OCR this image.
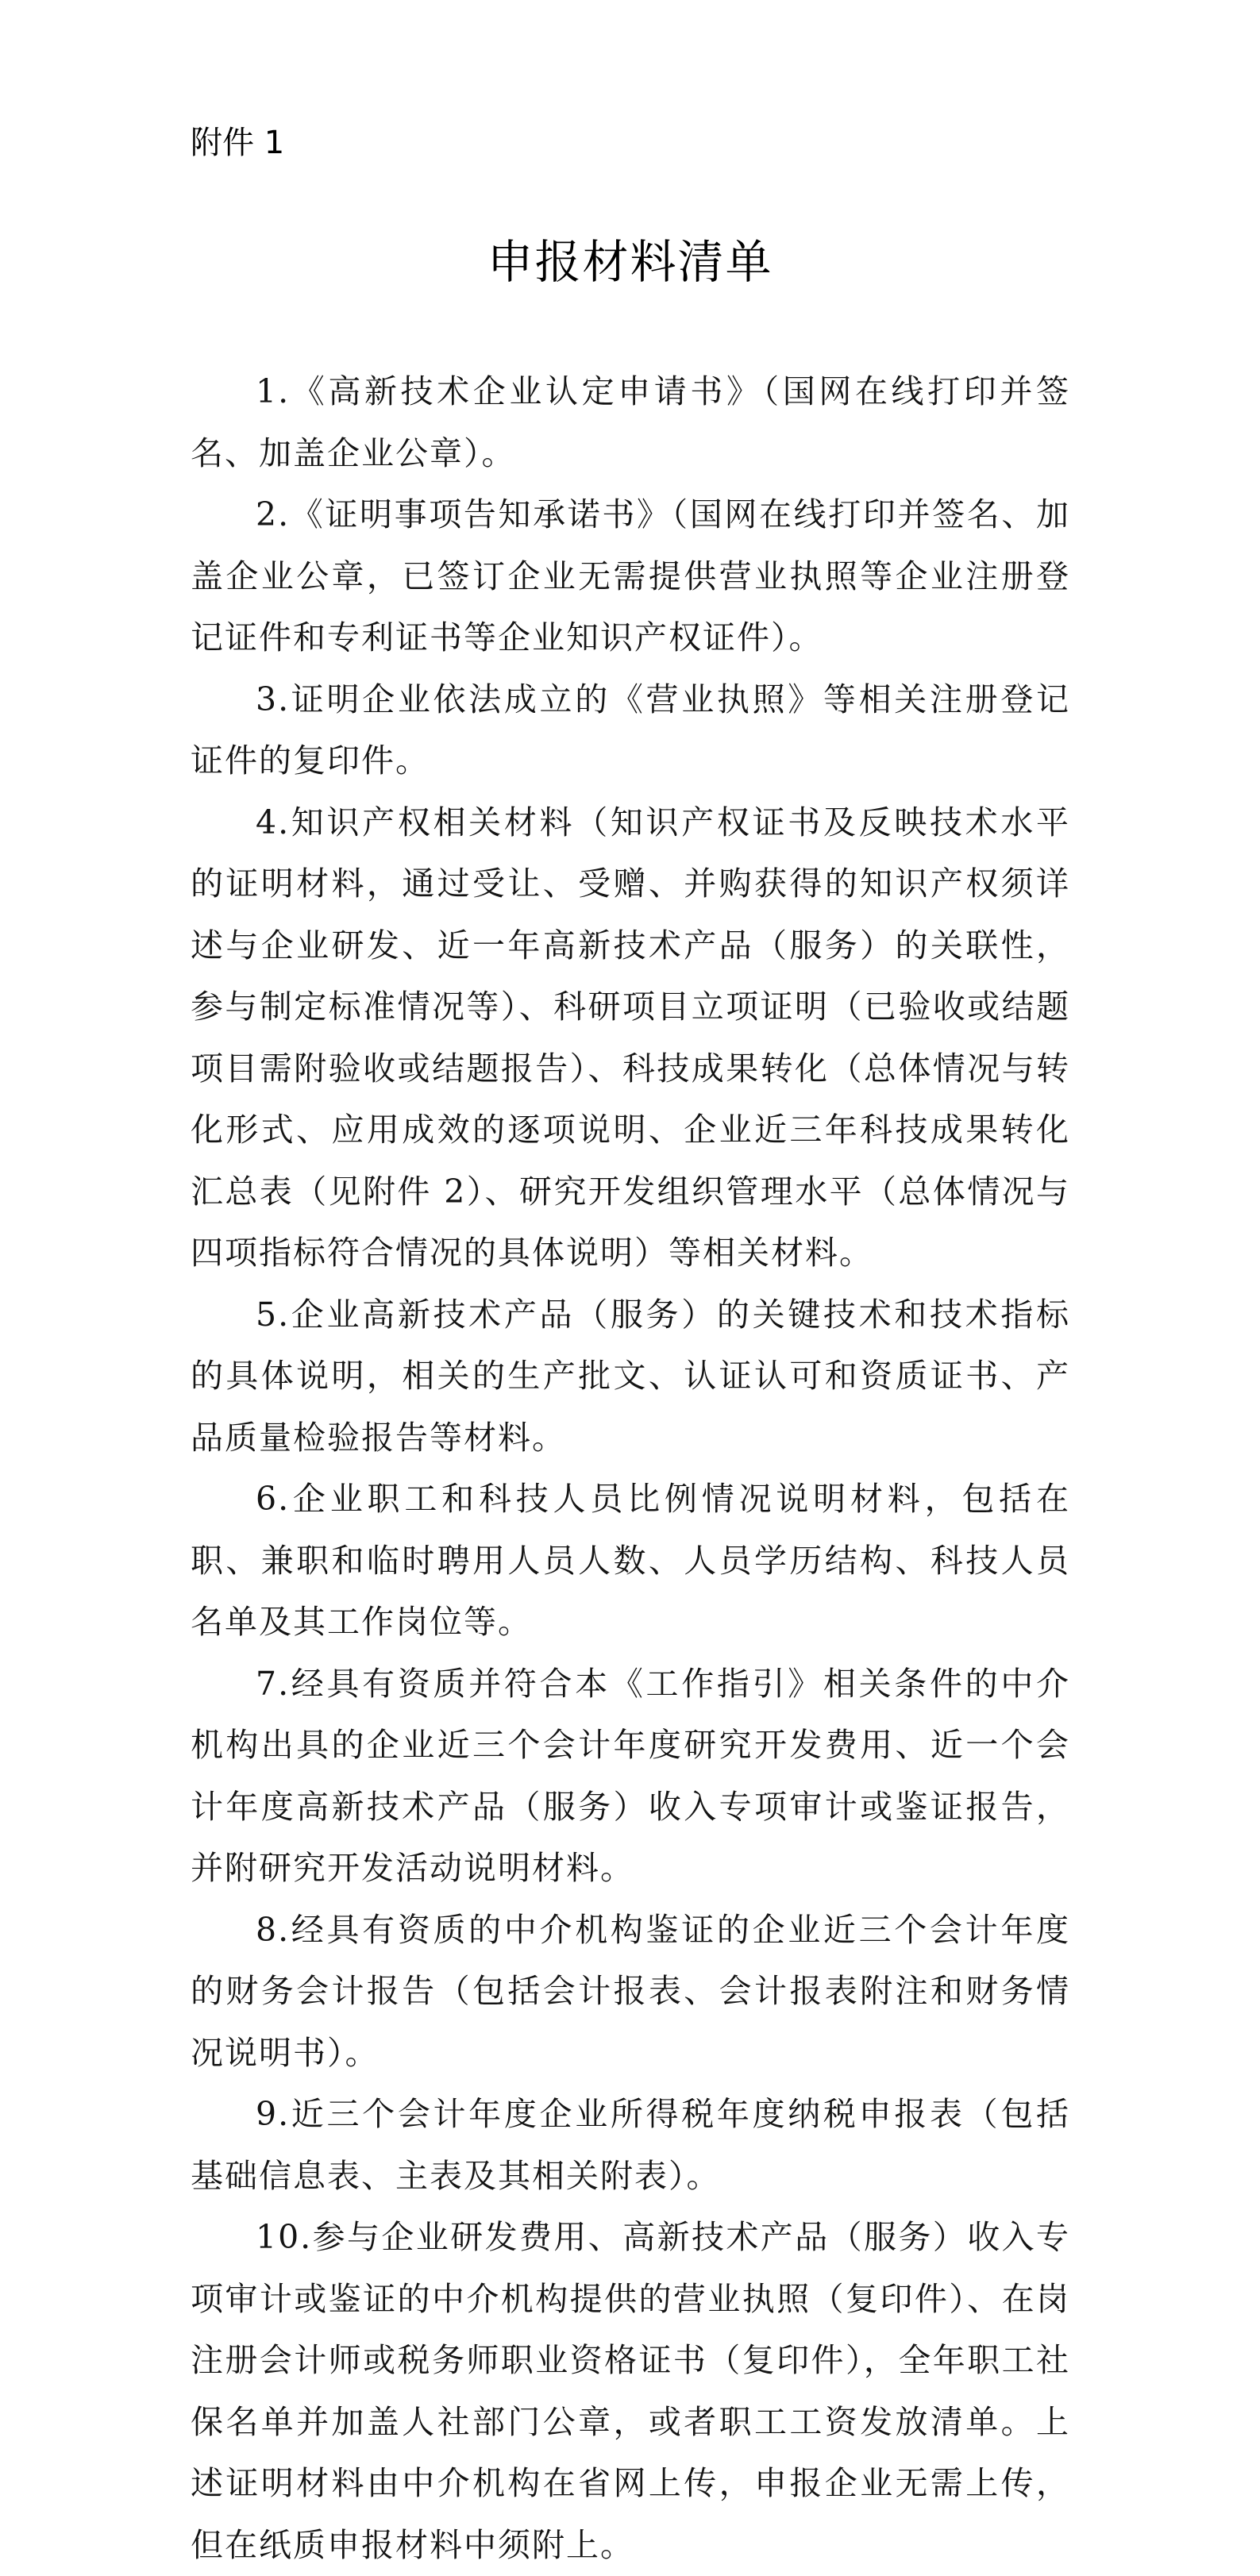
附件 1
申报材料清单

1.《高新技术企业认定申请书》（国网在线打印并签名、加盖企业公章）。

2.《证明事项告知承诺书》（国网在线打印并签名、加盖企业公章，已签订企业无需提供营业执照等企业注册登记证件和专利证书等企业知识产权证件）。

3.证明企业依法成立的《营业执照》等相关注册登记证件的复印件。

4.知识产权相关材料（知识产权证书及反映技术水平的证明材料，通过受让、受赠、并购获得的知识产权须详述与企业研发、近一年高新技术产品（服务）的关联性，参与制定标准情况等）、科研项目立项证明（已验收或结题项目需附验收或结题报告）、科技成果转化（总体情况与转化形式、应用成效的逐项说明、企业近三年科技成果转化汇总表（见附件 2）、研究开发组织管理水平（总体情况与四项指标符合情况的具体说明）等相关材料。

5.企业高新技术产品（服务）的关键技术和技术指标的具体说明，相关的生产批文、认证认可和资质证书、产品质量检验报告等材料。

6.企业职工和科技人员比例情况说明材料，包括在职、兼职和临时聘用人员人数、人员学历结构、科技人员名单及其工作岗位等。

7.经具有资质并符合本《工作指引》相关条件的中介机构出具的企业近三个会计年度研究开发费用、近一个会计年度高新技术产品（服务）收入专项审计或鉴证报告，并附研究开发活动说明材料。

8.经具有资质的中介机构鉴证的企业近三个会计年度的财务会计报告（包括会计报表、会计报表附注和财务情况说明书）。

9.近三个会计年度企业所得税年度纳税申报表（包括基础信息表、主表及其相关附表）。

10.参与企业研发费用、高新技术产品（服务）收入专项审计或鉴证的中介机构提供的营业执照（复印件）、在岗注册会计师或税务师职业资格证书（复印件），全年职工社保名单并加盖人社部门公章，或者职工工资发放清单。上述证明材料由中介机构在省网上传，申报企业无需上传，但在纸质申报材料中须附上。
